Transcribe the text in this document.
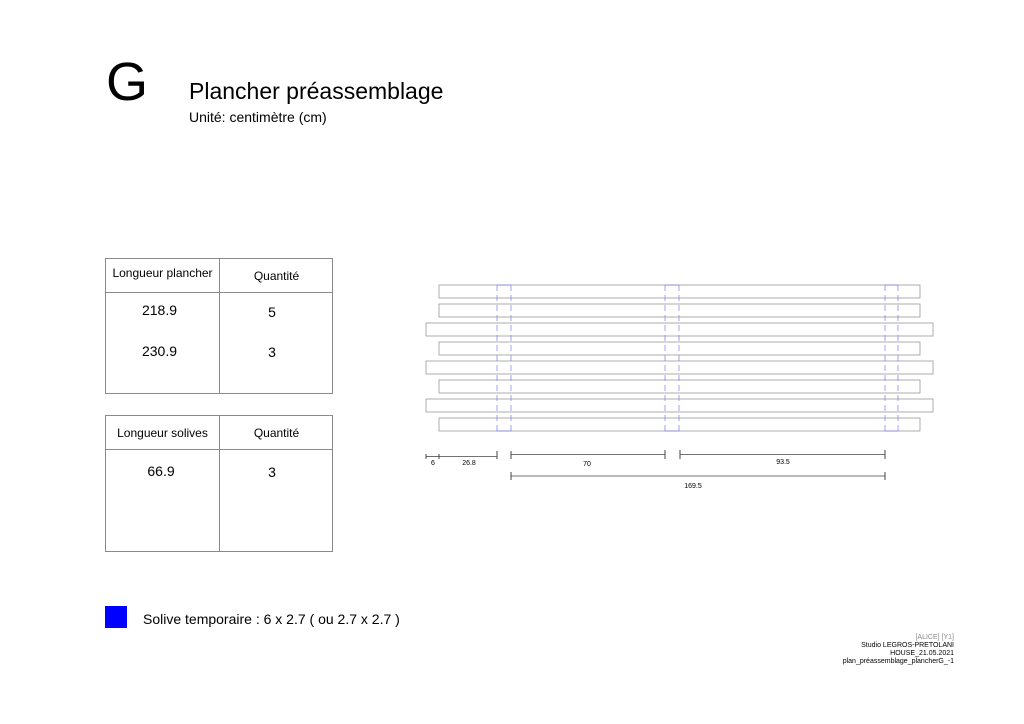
G Plancher préassemblage
Unité: centimètre (cm)
Longueur plancher	Quantité
218.9	5
230.9	3
Longueur solives	Quantité
66.9	3
Solive temporaire : 6 x 2.7 ( ou 2.7 x 2.7 )
6	26.8	70	93.5
169.5
[ALICE] [Y1]
Studio LEGROS-PRETOLANI
HOUSE_21.05.2021
plan_préassemblage_plancherG_-1
